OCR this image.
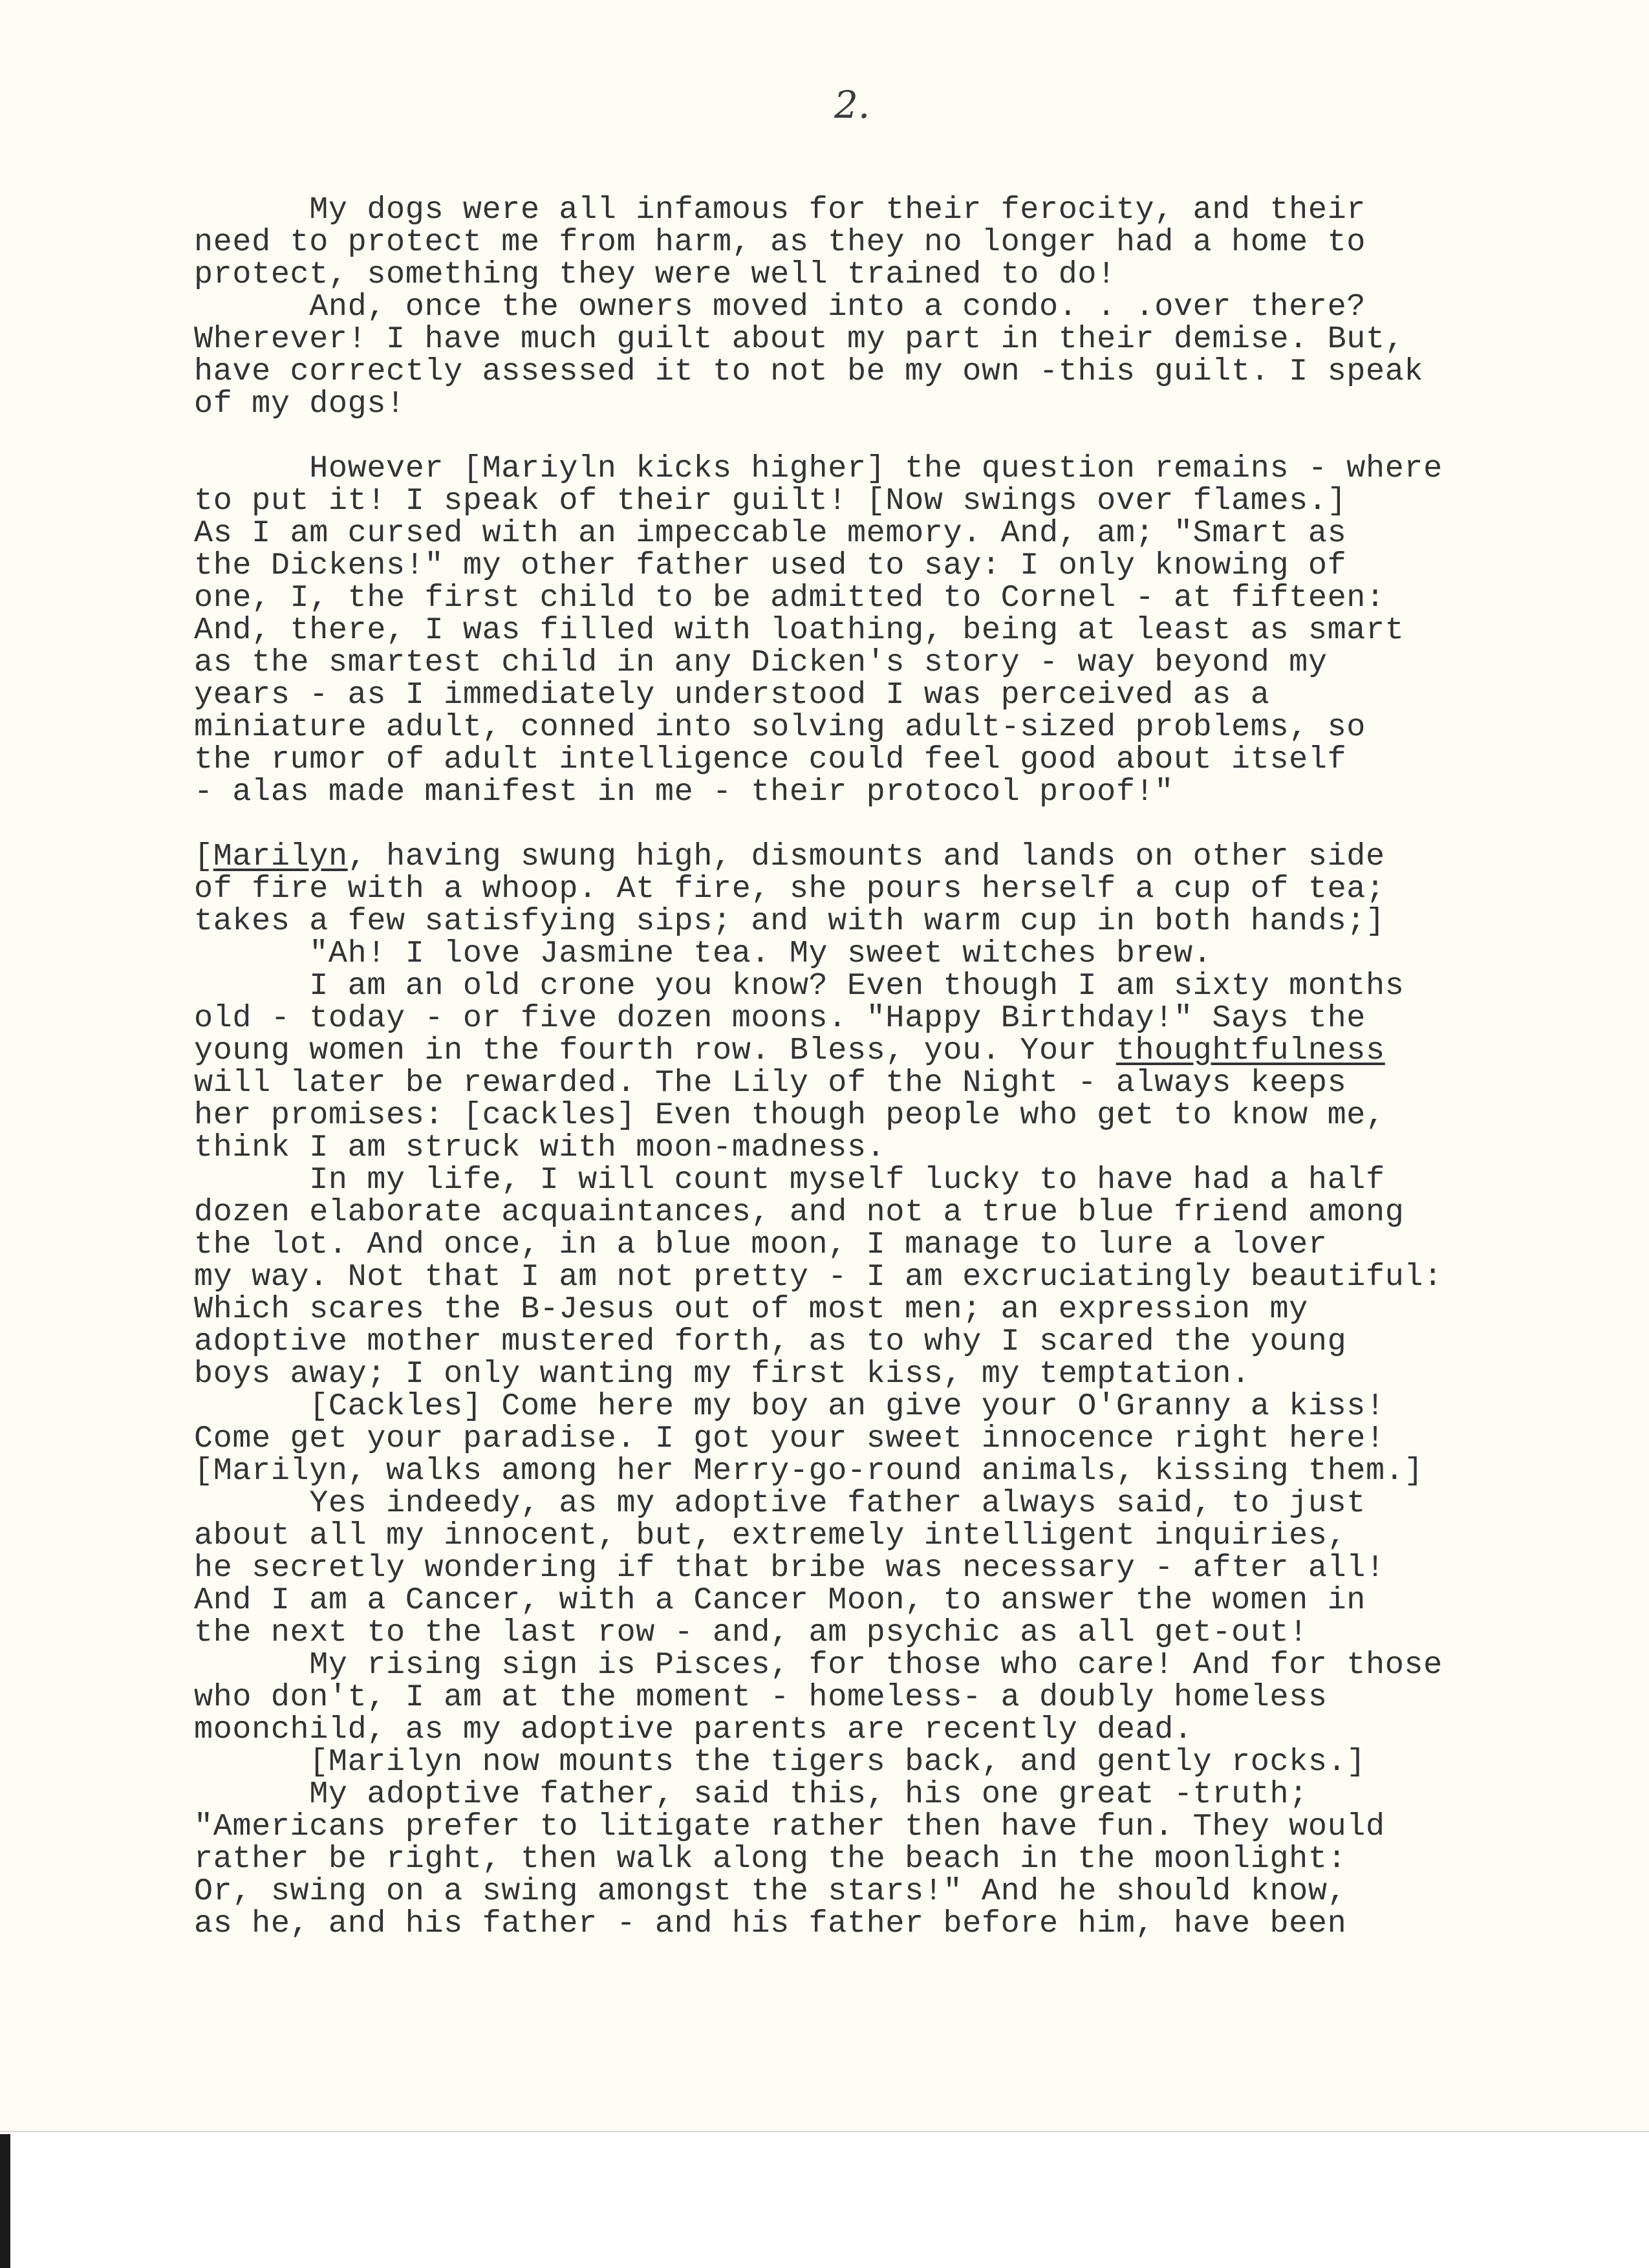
2.

My dogs were all infamous for their ferocity, and their
need to protect me from harm, as they no longer had a home to
protect, something they were well trained to do!
And, once the owners moved into a condo. . .over there?
Wherever! I have much guilt about my part in their demise. But,
have correctly assessed it to not be my own -this guilt. I speak
of my dogs!
However [Mariyln kicks higher] the question remains - where
to put it! I speak of their guilt! [Now swings over flames.]
As I am cursed with an impeccable memory. And, am; "Smart as
the Dickens!" my other father used to say: I only knowing of
one, I, the first child to be admitted to Cornel - at fifteen:
And, there, I was filled with loathing, being at least as smart
as the smartest child in any Dicken's story - way beyond my
years - as I immediately understood I was perceived as a
miniature adult, conned into solving adult-sized problems, so
the rumor of adult intelligence could feel good about itself
- alas made manifest in me - their protocol proof!"
[Marilyn, having swung high, dismounts and lands on other side
of fire with a whoop. At fire, she pours herself a cup of tea;
takes a few satisfying sips; and with warm cup in both hands;]
"Ah! I love Jasmine tea. My sweet witches brew.
I am an old crone you know? Even though I am sixty months
old - today - or five dozen moons. "Happy Birthday!" Says the
young women in the fourth row. Bless, you. Your thoughtfulness
will later be rewarded. The Lily of the Night - always keeps
her promises: [cackles] Even though people who get to know me,
think I am struck with moon-madness.
In my life, I will count myself lucky to have had a half
dozen elaborate acquaintances, and not a true blue friend among
the lot. And once, in a blue moon, I manage to lure a lover
my way. Not that I am not pretty - I am excruciatingly beautiful:
Which scares the B-Jesus out of most men; an expression my
adoptive mother mustered forth, as to why I scared the young
boys away; I only wanting my first kiss, my temptation.
[Cackles] Come here my boy an give your O'Granny a kiss!
Come get your paradise. I got your sweet innocence right here!
[Marilyn, walks among her Merry-go-round animals, kissing them.]
Yes indeedy, as my adoptive father always said, to just
about all my innocent, but, extremely intelligent inquiries,
he secretly wondering if that bribe was necessary - after all!
And I am a Cancer, with a Cancer Moon, to answer the women in
the next to the last row - and, am psychic as all get-out!
My rising sign is Pisces, for those who care! And for those
who don't, I am at the moment - homeless- a doubly homeless
moonchild, as my adoptive parents are recently dead.
[Marilyn now mounts the tigers back, and gently rocks.]
My adoptive father, said this, his one great -truth;
"Americans prefer to litigate rather then have fun. They would
rather be right, then walk along the beach in the moonlight:
Or, swing on a swing amongst the stars!" And he should know,
as he, and his father - and his father before him, have been
